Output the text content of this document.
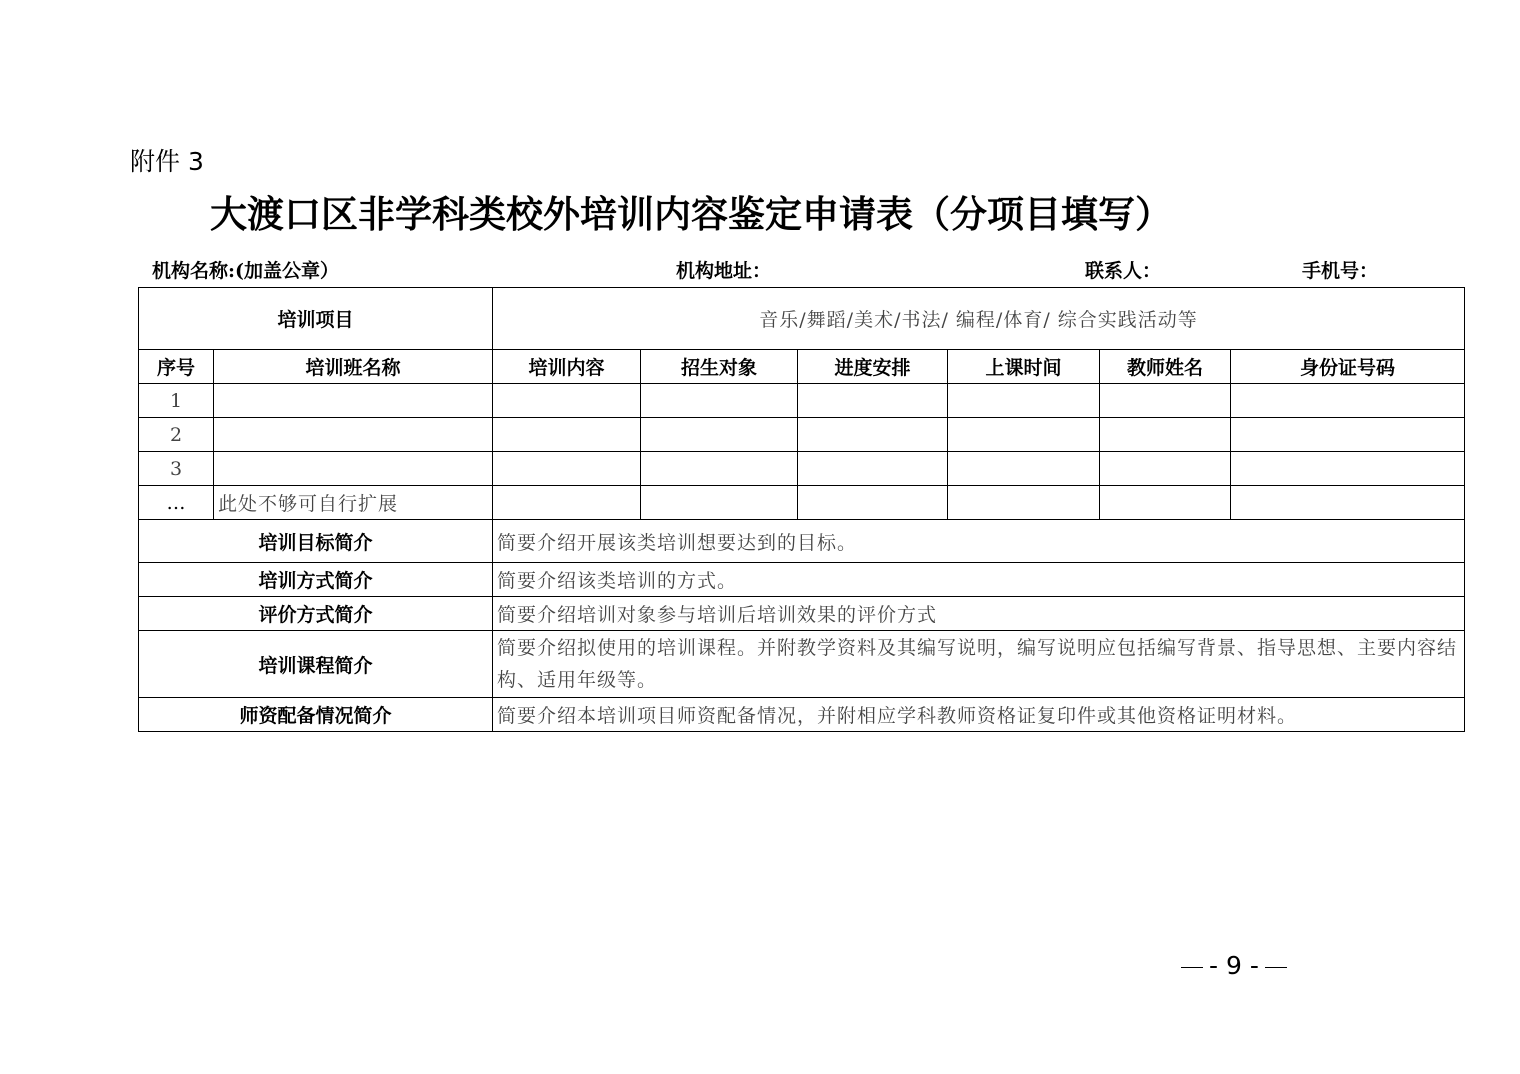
附件 3
大渡口区非学科类校外培训内容鉴定申请表（分项目填写）
机构名称:(加盖公章）	机构地址：	联系人：	手机号：
培训项目		音乐/舞蹈/美术/书法/ 编程/体育/ 综合实践活动等					
序号	培训班名称	培训内容	招生对象	进度安排	上课时间	教师姓名	身份证号码
1							
2							
3							
…	此处不够可自行扩展						
培训目标简介		简要介绍开展该类培训想要达到的目标。					
培训方式简介		简要介绍该类培训的方式。					
评价方式简介		简要介绍培训对象参与培训后培训效果的评价方式					
培训课程简介		简要介绍拟使用的培训课程。并附教学资料及其编写说明，编写说明应包括编写背景、指导思想、主要内容结构、适用年级等。					
师资配备情况简介		简要介绍本培训项目师资配备情况，并附相应学科教师资格证复印件或其他资格证明材料。					
- 9 -
